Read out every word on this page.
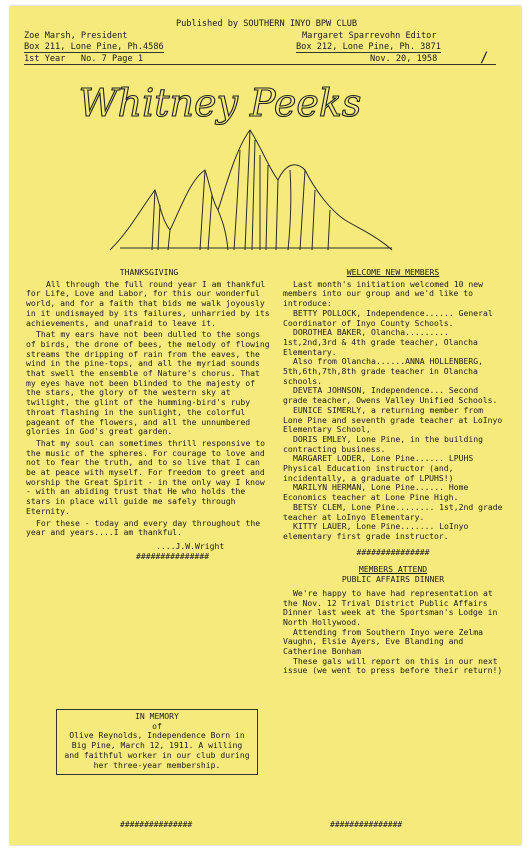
Published by SOUTHERN INYO BPW CLUB
Zoe Marsh, President	Margaret Sparrevohn Editor
Box 211, Lone Pine, Ph.4586	Box 212, Lone Pine, Ph. 3871
1st Year   No. 7 Page 1	Nov. 20, 1958	/
Whitney Peeks

THANKSGIVING

All through the full round year I am thankful for Life, Love and Labor, for this our wonderful world, and for a faith that bids me walk joyously in it undismayed by its failures, unharried by its achievements, and unafraid to leave it.

That my ears have not been dulled to the songs of birds, the drone of bees, the melody of flowing streams the dripping of rain from the eaves, the wind in the pine-tops, and all the myriad sounds that swell the ensemble of Nature's chorus. That my eyes have not been blinded to the majesty of the stars, the glory of the western sky at twilight, the glint of the humming-bird's ruby throat flashing in the sunlight, the colorful pageant of the flowers, and all the unnumbered glories in God's great garden.

That my soul can sometimes thrill responsive to the music of the spheres. For courage to love and not to fear the truth, and to so live that I can be at peace with myself. For freedom to greet and worship the Great Spirit - in the only way I know - with an abiding trust that He who holds the stars in place will guide me safely through Eternity.

For these - today and every day throughout the year and years....I am thankful.

....J.W.Wright

###############

IN MEMORY

of

Olive Reynolds, Independence Born in Big Pine, March 12, 1911. A willing and faithful worker in our club during her three-year membership.

WELCOME NEW MEMBERS

Last month's initiation welcomed 10 new members into our group and we'd like to introduce:

BETTY POLLOCK, Independence...... General Coordinator of Inyo County Schools.

DOROTHEA BAKER, Olancha......... 1st,2nd,3rd & 4th grade teacher, Olancha Elementary.

Also from Olancha......ANNA HOLLENBERG, 5th,6th,7th,8th grade teacher in Olancha schools.

DEVETA JOHNSON, Independence... Second grade teacher, Owens Valley Unified Schools.

EUNICE SIMERLY, a returning member from Lone Pine and seventh grade teacher at LoInyo Elementary School,

DORIS EMLEY, Lone Pine, in the building contracting business.

MARGARET LODER, Lone Pine...... LPUHS Physical Education instructor (and, incidentally, a graduate of LPUHS!)

MARILYN HERMAN, Lone Pine...... Home Economics teacher at Lone Pine High.

BETSY CLEM, Lone Pine........ 1st,2nd grade teacher at LoInyo Elementary.

KITTY LAUER, Lone Pine....... LoInyo elementary first grade instructor.

###############

MEMBERS ATTEND

PUBLIC AFFAIRS DINNER

We're happy to have had representation at the Nov. 12 Trival District Public Affairs Dinner last week at the Sportsman's Lodge in North Hollywood.

Attending from Southern Inyo were Zelma Vaughn, Elsie Ayers, Eve Blanding and Catherine Bonham

These gals will report on this in our next issue (we went to press before their return!)

###############	###############
